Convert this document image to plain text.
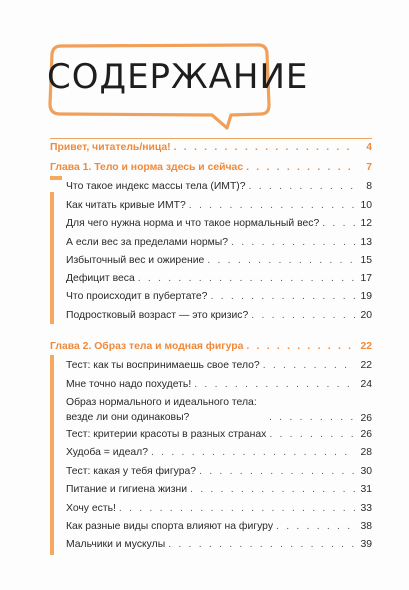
СОДЕРЖАНИЕ
Привет, читатель/ница! . . .	4
Глава 1. Тело и норма здесь и сейчас . . .	7
Что такое индекс массы тела (ИМТ)? . . .	8
Как читать кривые ИМТ? . . .	10
Для чего нужна норма и что такое нормальный вес? . . .	12
А если вес за пределами нормы? . . .	13
Избыточный вес и ожирение . . .	15
Дефицит веса . . .	17
Что происходит в пубертате? . . .	19
Подростковый возраст — это кризис? . . .	20
Глава 2. Образ тела и модная фигура . . .	22
Тест: как ты воспринимаешь свое тело? . . .	22
Мне точно надо похудеть! . . .	24
Образ нормального и идеального тела:
везде ли они одинаковы? . . .	26
Тест: критерии красоты в разных странах . . .	26
Худоба = идеал? . . .	28
Тест: какая у тебя фигура? . . .	30
Питание и гигиена жизни . . .	31
Хочу есть! . . .	33
Как разные виды спорта влияют на фигуру . . .	38
Мальчики и мускулы . . .	39
